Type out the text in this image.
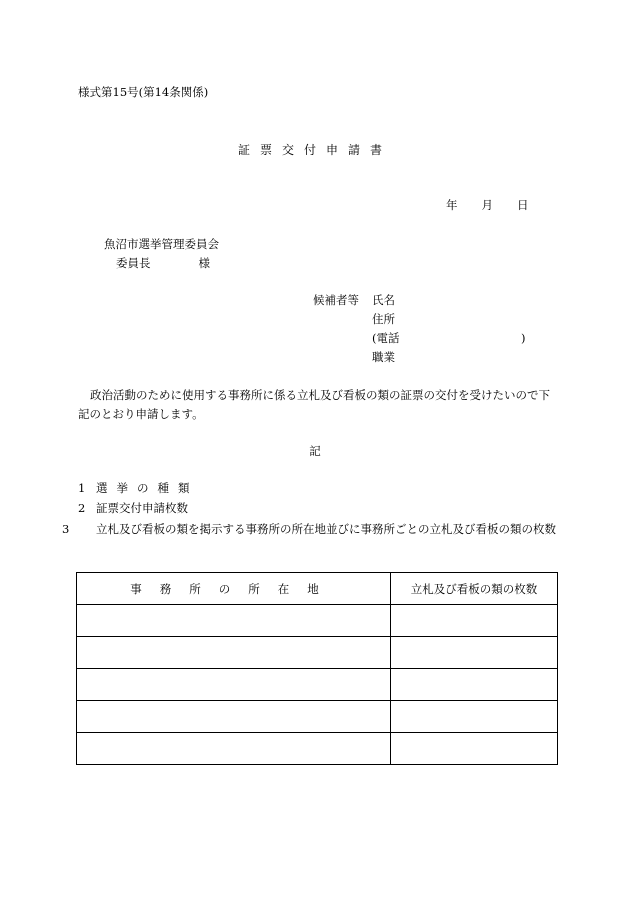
様式第15号(第14条関係)
証票交付申請書
年 月 日
魚沼市選挙管理委員会
委員長	様
候補者等 氏名
住所
(電話	)
職業
政治活動のために使用する事務所に係る立札及び看板の類の証票の交付を受けたいので下記のとおり申請します。
記
1 選挙の種類
2 証票交付申請枚数
3 立札及び看板の類を掲示する事務所の所在地並びに事務所ごとの立札及び看板の類の枚数
事務所の所在地	立札及び看板の類の枚数
